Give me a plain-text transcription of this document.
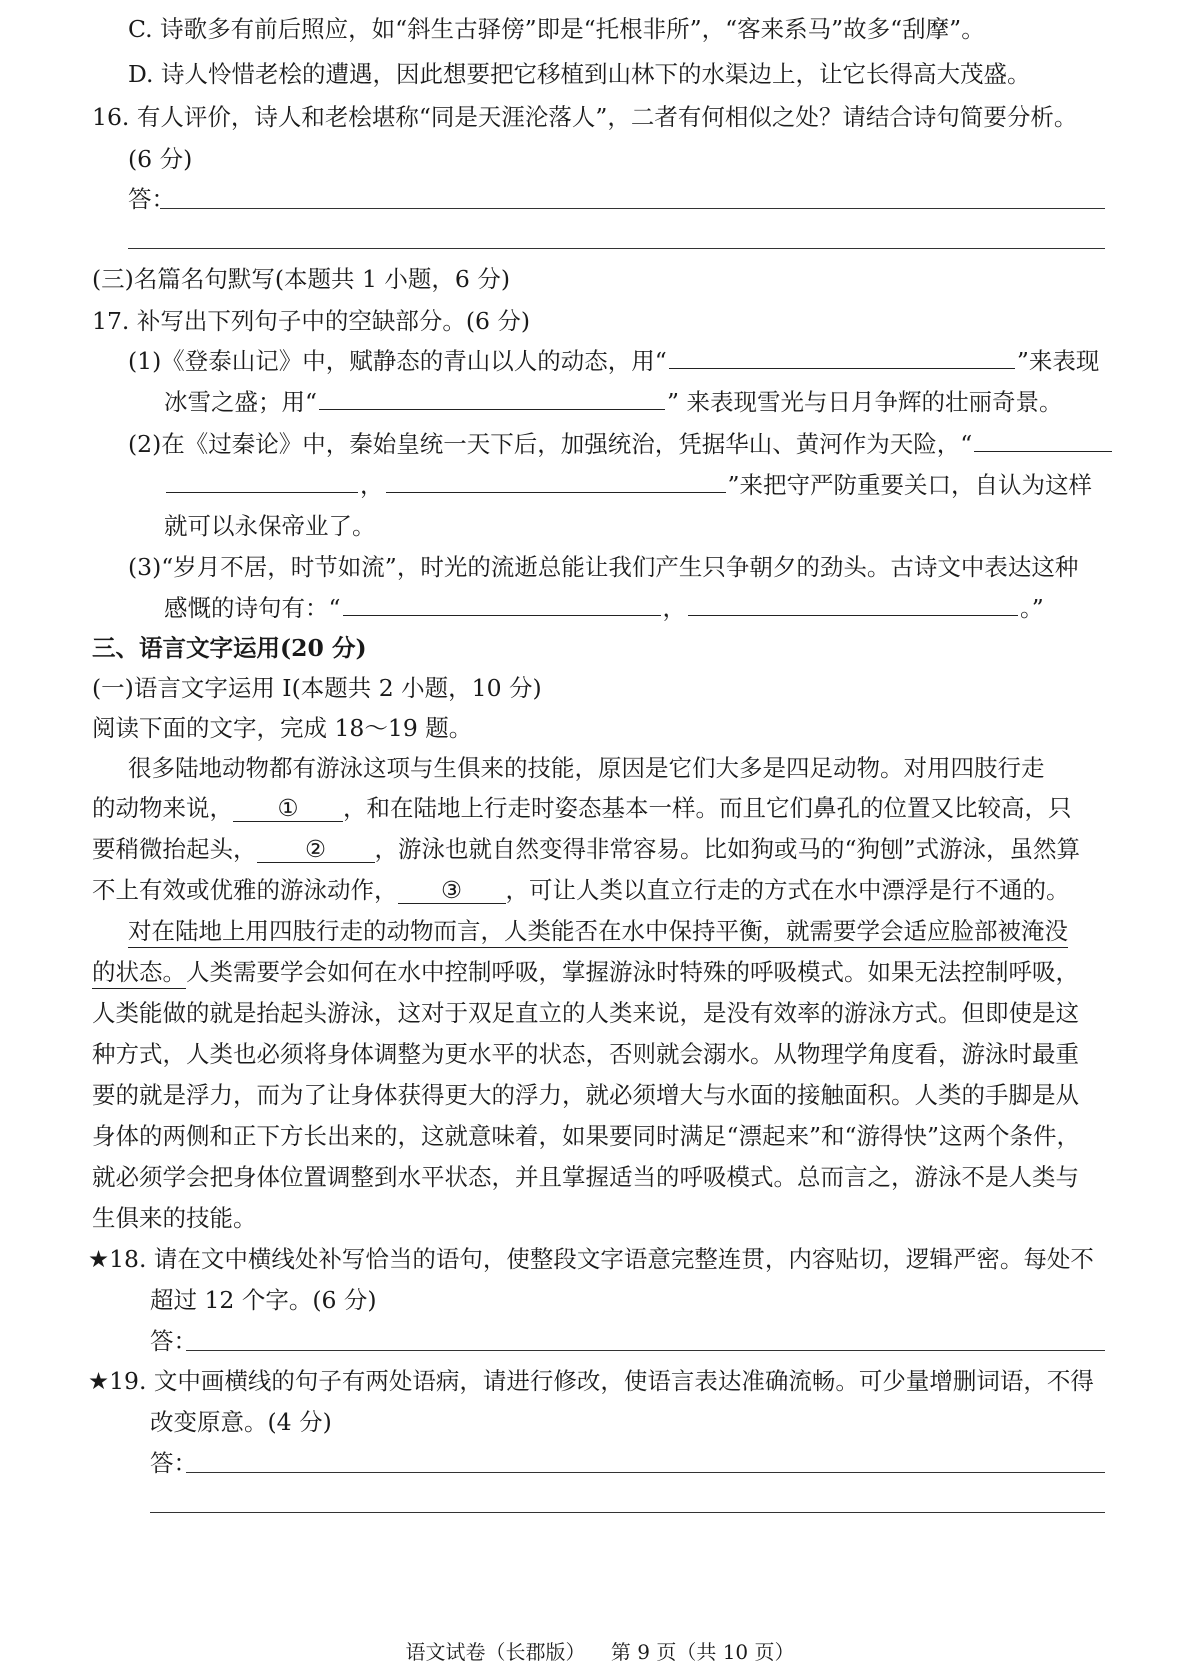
C. 诗歌多有前后照应，如“斜生古驿傍”即是“托根非所”，“客来系马”故多“刮摩”。
D. 诗人怜惜老桧的遭遇，因此想要把它移植到山林下的水渠边上，让它长得高大茂盛。
16. 有人评价，诗人和老桧堪称“同是天涯沦落人”，二者有何相似之处？请结合诗句简要分析。
(6 分)
答：
(三)名篇名句默写(本题共 1 小题，6 分)
17. 补写出下列句子中的空缺部分。(6 分)
(1)《登泰山记》中，赋静态的青山以人的动态，用“	”来表现
冰雪之盛；用“	” 来表现雪光与日月争辉的壮丽奇景。
(2)在《过秦论》中，秦始皇统一天下后，加强统治，凭据华山、黄河作为天险，“
，	”来把守严防重要关口，自认为这样
就可以永保帝业了。
(3)“岁月不居，时节如流”，时光的流逝总能让我们产生只争朝夕的劲头。古诗文中表达这种
感慨的诗句有：“	，	。”
三、语言文字运用(20 分)
(一)语言文字运用 I(本题共 2 小题，10 分)
阅读下面的文字，完成 18～19 题。
很多陆地动物都有游泳这项与生俱来的技能，原因是它们大多是四足动物。对用四肢行走
的动物来说， ① ，和在陆地上行走时姿态基本一样。而且它们鼻孔的位置又比较高，只
要稍微抬起头， ② ，游泳也就自然变得非常容易。比如狗或马的“狗刨”式游泳，虽然算
不上有效或优雅的游泳动作， ③ ，可让人类以直立行走的方式在水中漂浮是行不通的。
对在陆地上用四肢行走的动物而言，人类能否在水中保持平衡，就需要学会适应脸部被淹没
的状态。人类需要学会如何在水中控制呼吸，掌握游泳时特殊的呼吸模式。如果无法控制呼吸，
人类能做的就是抬起头游泳，这对于双足直立的人类来说，是没有效率的游泳方式。但即使是这
种方式，人类也必须将身体调整为更水平的状态，否则就会溺水。从物理学角度看，游泳时最重
要的就是浮力，而为了让身体获得更大的浮力，就必须增大与水面的接触面积。人类的手脚是从
身体的两侧和正下方长出来的，这就意味着，如果要同时满足“漂起来”和“游得快”这两个条件，
就必须学会把身体位置调整到水平状态，并且掌握适当的呼吸模式。总而言之，游泳不是人类与
生俱来的技能。
★18. 请在文中横线处补写恰当的语句，使整段文字语意完整连贯，内容贴切，逻辑严密。每处不
超过 12 个字。(6 分)
答：
★19. 文中画横线的句子有两处语病，请进行修改，使语言表达准确流畅。可少量增删词语，不得
改变原意。(4 分)
答：
语文试卷（长郡版）    第 9 页（共 10 页）
